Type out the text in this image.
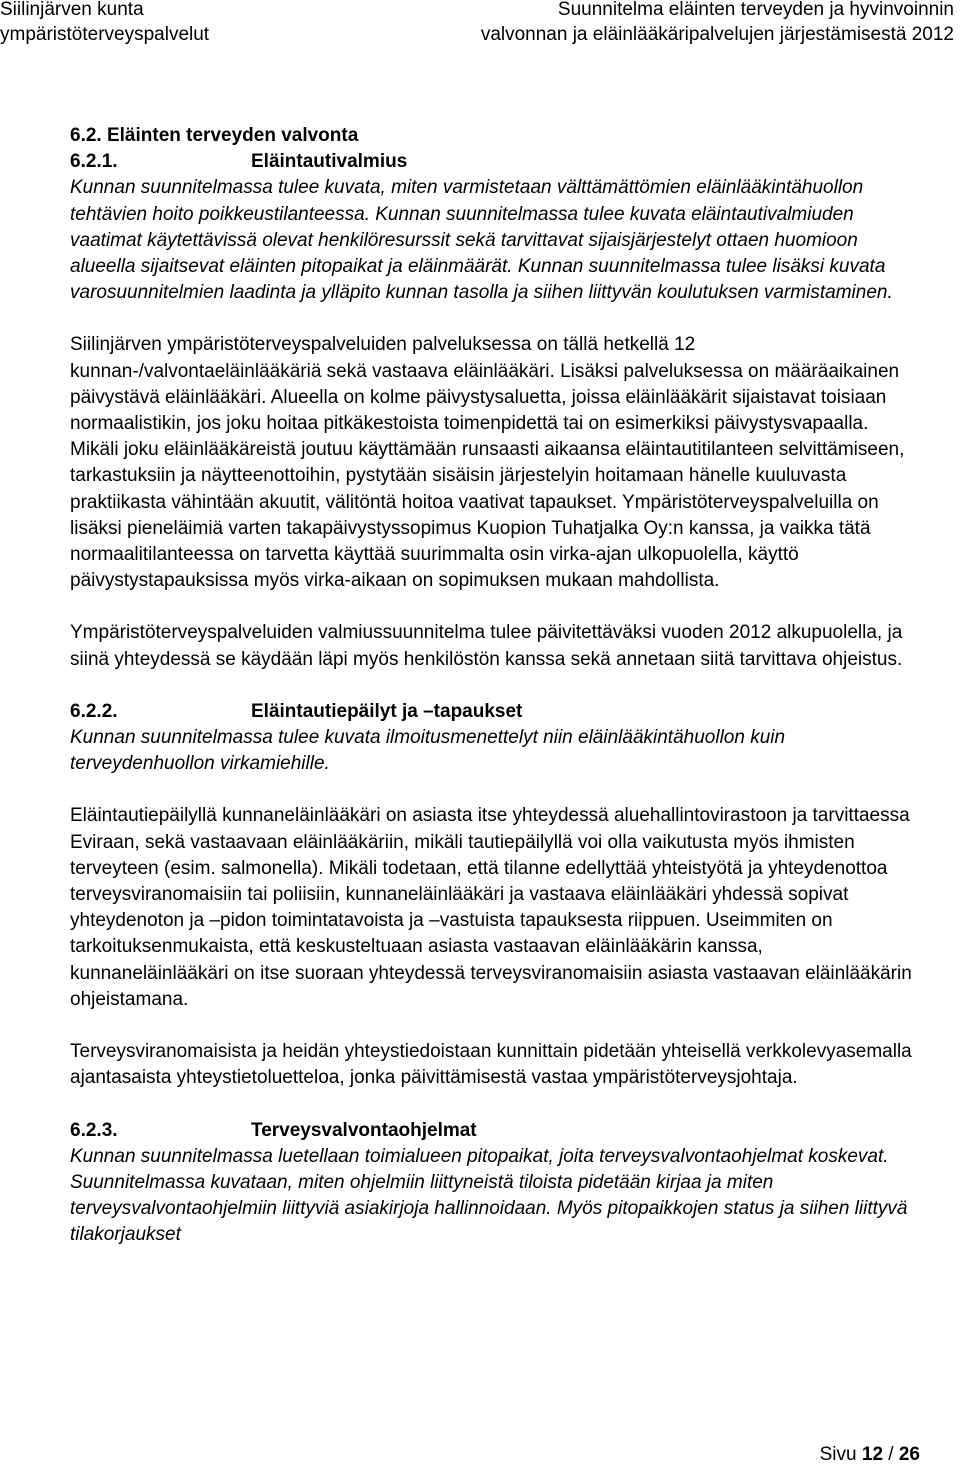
Siilinjärven kunta
ympäristöterveyspalvelut
Suunnitelma eläinten terveyden ja hyvinvoinnin
valvonnan ja eläinlääkäripalvelujen järjestämisestä 2012
6.2. Eläinten terveyden valvonta
6.2.1.	Eläintautivalmius

Kunnan suunnitelmassa tulee kuvata, miten varmistetaan välttämättömien eläinlääkintähuollon tehtävien hoito poikkeustilanteessa. Kunnan suunnitelmassa tulee kuvata eläintautivalmiuden vaatimat käytettävissä olevat henkilöresurssit sekä tarvittavat sijaisjärjestelyt ottaen huomioon alueella sijaitsevat eläinten pitopaikat ja eläinmäärät. Kunnan suunnitelmassa tulee lisäksi kuvata varosuunnitelmien laadinta ja ylläpito kunnan tasolla ja siihen liittyvän koulutuksen varmistaminen.

Siilinjärven ympäristöterveyspalveluiden palveluksessa on tällä hetkellä 12 kunnan-/valvontaeläinlääkäriä sekä vastaava eläinlääkäri. Lisäksi palveluksessa on määräaikainen päivystävä eläinlääkäri. Alueella on kolme päivystysaluetta, joissa eläinlääkärit sijaistavat toisiaan normaalistikin, jos joku hoitaa pitkäkestoista toimenpidettä tai on esimerkiksi päivystysvapaalla. Mikäli joku eläinlääkäreistä joutuu käyttämään runsaasti aikaansa eläintautitilanteen selvittämiseen, tarkastuksiin ja näytteenottoihin, pystytään sisäisin järjestelyin hoitamaan hänelle kuuluvasta praktiikasta vähintään akuutit, välitöntä hoitoa vaativat tapaukset. Ympäristöterveyspalveluilla on lisäksi pieneläimiä varten takapäivystyssopimus Kuopion Tuhatjalka Oy:n kanssa, ja vaikka tätä normaalitilanteessa on tarvetta käyttää suurimmalta osin virka-ajan ulkopuolella, käyttö päivystystapauksissa myös virka-aikaan on sopimuksen mukaan mahdollista.

Ympäristöterveyspalveluiden valmiussuunnitelma tulee päivitettäväksi vuoden 2012 alkupuolella, ja siinä yhteydessä se käydään läpi myös henkilöstön kanssa sekä annetaan siitä tarvittava ohjeistus.

6.2.2.	Eläintautiepäilyt ja –tapaukset

Kunnan suunnitelmassa tulee kuvata ilmoitusmenettelyt niin eläinlääkintähuollon kuin terveydenhuollon virkamiehille.

Eläintautiepäilyllä kunnaneläinlääkäri on asiasta itse yhteydessä aluehallintovirastoon ja tarvittaessa Eviraan, sekä vastaavaan eläinlääkäriin, mikäli tautiepäilyllä voi olla vaikutusta myös ihmisten terveyteen (esim. salmonella). Mikäli todetaan, että tilanne edellyttää yhteistyötä ja yhteydenottoa terveysviranomaisiin tai poliisiin, kunnaneläinlääkäri ja vastaava eläinlääkäri yhdessä sopivat yhteydenoton ja –pidon toimintatavoista ja –vastuista tapauksesta riippuen. Useimmiten on tarkoituksenmukaista, että keskusteltuaan asiasta vastaavan eläinlääkärin kanssa, kunnaneläinlääkäri on itse suoraan yhteydessä terveysviranomaisiin asiasta vastaavan eläinlääkärin ohjeistamana.

Terveysviranomaisista ja heidän yhteystiedoistaan kunnittain pidetään yhteisellä verkkolevyasemalla ajantasaista yhteystietoluetteloa, jonka päivittämisestä vastaa ympäristöterveysjohtaja.

6.2.3.	Terveysvalvontaohjelmat

Kunnan suunnitelmassa luetellaan toimialueen pitopaikat, joita terveysvalvontaohjelmat koskevat. Suunnitelmassa kuvataan, miten ohjelmiin liittyneistä tiloista pidetään kirjaa ja miten terveysvalvontaohjelmiin liittyviä asiakirjoja hallinnoidaan. Myös pitopaikkojen status ja siihen liittyvä tilakorjaukset

Sivu 12 / 26
